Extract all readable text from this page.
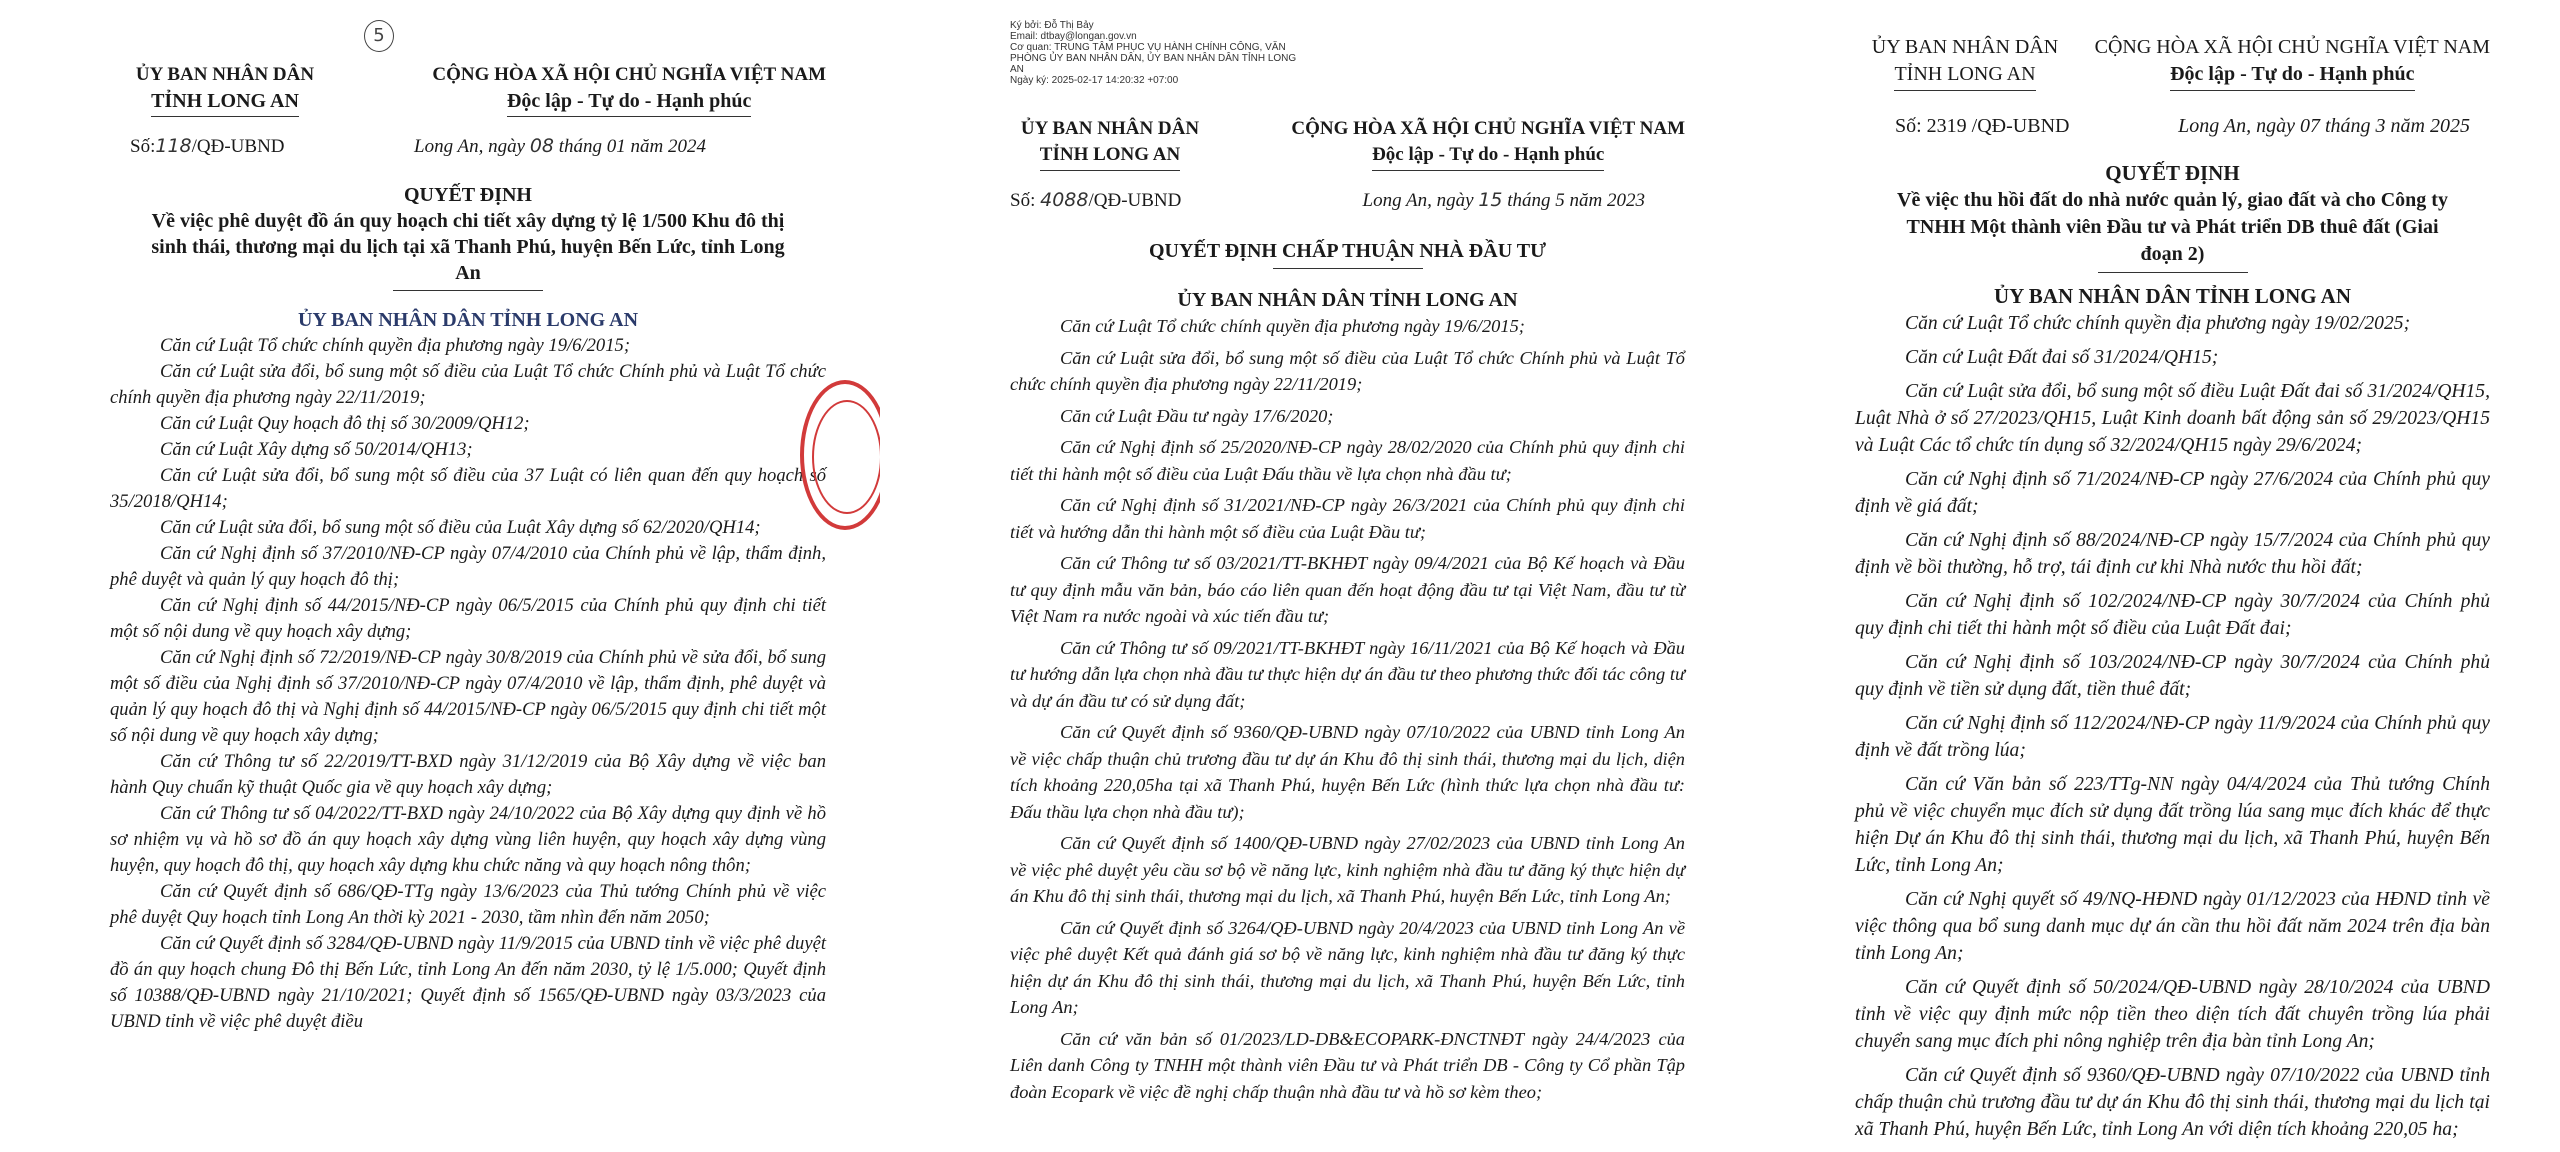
5
ỦY BAN NHÂN DÂN
TỈNH LONG AN
CỘNG HÒA XÃ HỘI CHỦ NGHĨA VIỆT NAM
Độc lập - Tự do - Hạnh phúc
Số:118/QĐ-UBND	Long An, ngày 08 tháng 01 năm 2024
QUYẾT ĐỊNH
Về việc phê duyệt đồ án quy hoạch chi tiết xây dựng tỷ lệ 1/500 Khu đô thị sinh thái, thương mại du lịch tại xã Thanh Phú, huyện Bến Lức, tỉnh Long An
ỦY BAN NHÂN DÂN TỈNH LONG AN

Căn cứ Luật Tổ chức chính quyền địa phương ngày 19/6/2015;

Căn cứ Luật sửa đổi, bổ sung một số điều của Luật Tổ chức Chính phủ và Luật Tổ chức chính quyền địa phương ngày 22/11/2019;

Căn cứ Luật Quy hoạch đô thị số 30/2009/QH12;

Căn cứ Luật Xây dựng số 50/2014/QH13;

Căn cứ Luật sửa đổi, bổ sung một số điều của 37 Luật có liên quan đến quy hoạch số 35/2018/QH14;

Căn cứ Luật sửa đổi, bổ sung một số điều của Luật Xây dựng số 62/2020/QH14;

Căn cứ Nghị định số 37/2010/NĐ-CP ngày 07/4/2010 của Chính phủ về lập, thẩm định, phê duyệt và quản lý quy hoạch đô thị;

Căn cứ Nghị định số 44/2015/NĐ-CP ngày 06/5/2015 của Chính phủ quy định chi tiết một số nội dung về quy hoạch xây dựng;

Căn cứ Nghị định số 72/2019/NĐ-CP ngày 30/8/2019 của Chính phủ về sửa đổi, bổ sung một số điều của Nghị định số 37/2010/NĐ-CP ngày 07/4/2010 về lập, thẩm định, phê duyệt và quản lý quy hoạch đô thị và Nghị định số 44/2015/NĐ-CP ngày 06/5/2015 quy định chi tiết một số nội dung về quy hoạch xây dựng;

Căn cứ Thông tư số 22/2019/TT-BXD ngày 31/12/2019 của Bộ Xây dựng về việc ban hành Quy chuẩn kỹ thuật Quốc gia về quy hoạch xây dựng;

Căn cứ Thông tư số 04/2022/TT-BXD ngày 24/10/2022 của Bộ Xây dựng quy định về hồ sơ nhiệm vụ và hồ sơ đồ án quy hoạch xây dựng vùng liên huyện, quy hoạch xây dựng vùng huyện, quy hoạch đô thị, quy hoạch xây dựng khu chức năng và quy hoạch nông thôn;

Căn cứ Quyết định số 686/QĐ-TTg ngày 13/6/2023 của Thủ tướng Chính phủ về việc phê duyệt Quy hoạch tỉnh Long An thời kỳ 2021 - 2030, tầm nhìn đến năm 2050;

Căn cứ Quyết định số 3284/QĐ-UBND ngày 11/9/2015 của UBND tỉnh về việc phê duyệt đồ án quy hoạch chung Đô thị Bến Lức, tỉnh Long An đến năm 2030, tỷ lệ 1/5.000; Quyết định số 10388/QĐ-UBND ngày 21/10/2021; Quyết định số 1565/QĐ-UBND ngày 03/3/2023 của UBND tỉnh về việc phê duyệt điều

Ký bởi: Đỗ Thị Bảy
Email: dtbay@longan.gov.vn
Cơ quan: TRUNG TÂM PHỤC VỤ HÀNH CHÍNH CÔNG, VĂN PHÒNG ỦY BAN NHÂN DÂN, ỦY BAN NHÂN DÂN TỈNH LONG AN
Ngày ký: 2025-02-17 14:20:32 +07:00
ỦY BAN NHÂN DÂN
TỈNH LONG AN
CỘNG HÒA XÃ HỘI CHỦ NGHĨA VIỆT NAM
Độc lập - Tự do - Hạnh phúc
Số: 4088/QĐ-UBND	Long An, ngày 15 tháng 5 năm 2023
QUYẾT ĐỊNH CHẤP THUẬN NHÀ ĐẦU TƯ
ỦY BAN NHÂN DÂN TỈNH LONG AN

Căn cứ Luật Tổ chức chính quyền địa phương ngày 19/6/2015;

Căn cứ Luật sửa đổi, bổ sung một số điều của Luật Tổ chức Chính phủ và Luật Tổ chức chính quyền địa phương ngày 22/11/2019;

Căn cứ Luật Đầu tư ngày 17/6/2020;

Căn cứ Nghị định số 25/2020/NĐ-CP ngày 28/02/2020 của Chính phủ quy định chi tiết thi hành một số điều của Luật Đấu thầu về lựa chọn nhà đầu tư;

Căn cứ Nghị định số 31/2021/NĐ-CP ngày 26/3/2021 của Chính phủ quy định chi tiết và hướng dẫn thi hành một số điều của Luật Đầu tư;

Căn cứ Thông tư số 03/2021/TT-BKHĐT ngày 09/4/2021 của Bộ Kế hoạch và Đầu tư quy định mẫu văn bản, báo cáo liên quan đến hoạt động đầu tư tại Việt Nam, đầu tư từ Việt Nam ra nước ngoài và xúc tiến đầu tư;

Căn cứ Thông tư số 09/2021/TT-BKHĐT ngày 16/11/2021 của Bộ Kế hoạch và Đầu tư hướng dẫn lựa chọn nhà đầu tư thực hiện dự án đầu tư theo phương thức đối tác công tư và dự án đầu tư có sử dụng đất;

Căn cứ Quyết định số 9360/QĐ-UBND ngày 07/10/2022 của UBND tỉnh Long An về việc chấp thuận chủ trương đầu tư dự án Khu đô thị sinh thái, thương mại du lịch, diện tích khoảng 220,05ha tại xã Thanh Phú, huyện Bến Lức (hình thức lựa chọn nhà đầu tư: Đấu thầu lựa chọn nhà đầu tư);

Căn cứ Quyết định số 1400/QĐ-UBND ngày 27/02/2023 của UBND tỉnh Long An về việc phê duyệt yêu cầu sơ bộ về năng lực, kinh nghiệm nhà đầu tư đăng ký thực hiện dự án Khu đô thị sinh thái, thương mại du lịch, xã Thanh Phú, huyện Bến Lức, tỉnh Long An;

Căn cứ Quyết định số 3264/QĐ-UBND ngày 20/4/2023 của UBND tỉnh Long An về việc phê duyệt Kết quả đánh giá sơ bộ về năng lực, kinh nghiệm nhà đầu tư đăng ký thực hiện dự án Khu đô thị sinh thái, thương mại du lịch, xã Thanh Phú, huyện Bến Lức, tỉnh Long An;

Căn cứ văn bản số 01/2023/LD-DB&ECOPARK-ĐNCTNĐT ngày 24/4/2023 của Liên danh Công ty TNHH một thành viên Đầu tư và Phát triển DB - Công ty Cổ phần Tập đoàn Ecopark về việc đề nghị chấp thuận nhà đầu tư và hồ sơ kèm theo;

ỦY BAN NHÂN DÂN
TỈNH LONG AN
CỘNG HÒA XÃ HỘI CHỦ NGHĨA VIỆT NAM
Độc lập - Tự do - Hạnh phúc
Số: 2319 /QĐ-UBND	Long An, ngày 07 tháng 3 năm 2025
QUYẾT ĐỊNH
Về việc thu hồi đất do nhà nước quản lý, giao đất và cho Công ty TNHH Một thành viên Đầu tư và Phát triển DB thuê đất (Giai đoạn 2)
ỦY BAN NHÂN DÂN TỈNH LONG AN

Căn cứ Luật Tổ chức chính quyền địa phương ngày 19/02/2025;

Căn cứ Luật Đất đai số 31/2024/QH15;

Căn cứ Luật sửa đổi, bổ sung một số điều Luật Đất đai số 31/2024/QH15, Luật Nhà ở số 27/2023/QH15, Luật Kinh doanh bất động sản số 29/2023/QH15 và Luật Các tổ chức tín dụng số 32/2024/QH15 ngày 29/6/2024;

Căn cứ Nghị định số 71/2024/NĐ-CP ngày 27/6/2024 của Chính phủ quy định về giá đất;

Căn cứ Nghị định số 88/2024/NĐ-CP ngày 15/7/2024 của Chính phủ quy định về bồi thường, hỗ trợ, tái định cư khi Nhà nước thu hồi đất;

Căn cứ Nghị định số 102/2024/NĐ-CP ngày 30/7/2024 của Chính phủ quy định chi tiết thi hành một số điều của Luật Đất đai;

Căn cứ Nghị định số 103/2024/NĐ-CP ngày 30/7/2024 của Chính phủ quy định về tiền sử dụng đất, tiền thuê đất;

Căn cứ Nghị định số 112/2024/NĐ-CP ngày 11/9/2024 của Chính phủ quy định về đất trồng lúa;

Căn cứ Văn bản số 223/TTg-NN ngày 04/4/2024 của Thủ tướng Chính phủ về việc chuyển mục đích sử dụng đất trồng lúa sang mục đích khác để thực hiện Dự án Khu đô thị sinh thái, thương mại du lịch, xã Thanh Phú, huyện Bến Lức, tỉnh Long An;

Căn cứ Nghị quyết số 49/NQ-HĐND ngày 01/12/2023 của HĐND tỉnh về việc thông qua bổ sung danh mục dự án cần thu hồi đất năm 2024 trên địa bàn tỉnh Long An;

Căn cứ Quyết định số 50/2024/QĐ-UBND ngày 28/10/2024 của UBND tỉnh về việc quy định mức nộp tiền theo diện tích đất chuyên trồng lúa phải chuyển sang mục đích phi nông nghiệp trên địa bàn tỉnh Long An;

Căn cứ Quyết định số 9360/QĐ-UBND ngày 07/10/2022 của UBND tỉnh chấp thuận chủ trương đầu tư dự án Khu đô thị sinh thái, thương mại du lịch tại xã Thanh Phú, huyện Bến Lức, tỉnh Long An với diện tích khoảng 220,05 ha;
